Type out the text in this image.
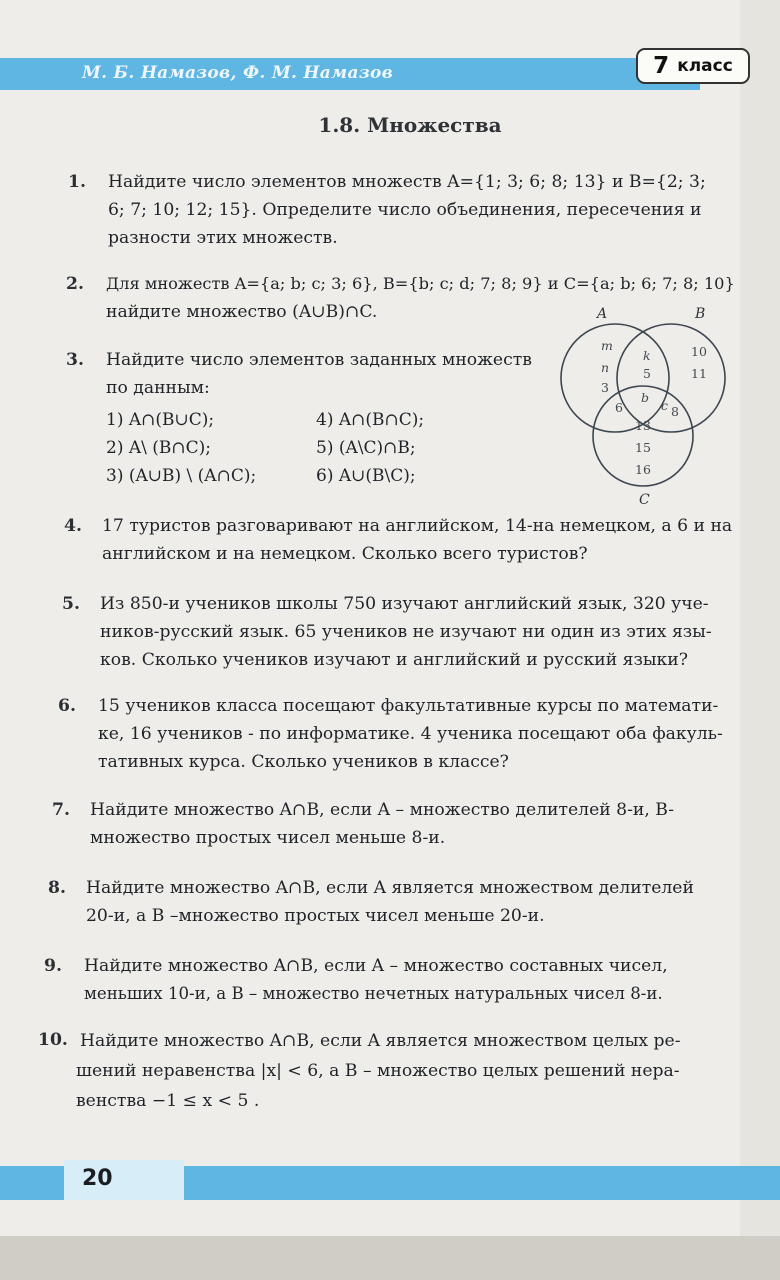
М. Б. Намазов, Ф. М. Намазов	7 класс
1.8. Множества
1. Найдите число элементов множеств A={1; 3; 6; 8; 13} и B={2; 3;
6; 7; 10; 12; 15}. Определите число объединения, пересечения и
разности этих множеств.
2. Для множеств A={a; b; c; 3; 6}, B={b; c; d; 7; 8; 9} и C={a; b; 6; 7; 8; 10}
найдите множество (A∪B)∩C.
3. Найдите число элементов заданных множеств
по данным:
1) A∩(B∪C);
2) A\ (B∩C);
3) (A∪B) \ (A∩C);
4) A∩(B∩C);
5) (A\C)∩B;
6) A∪(B\C);
A	B
C
m
n
3
k
5
10
11
6
b
c 8
13
15
16
4. 17 туристов разговаривают на английском, 14-на немецком, а 6 и на
английском и на немецком. Сколько всего туристов?
5. Из 850-и учеников школы 750 изучают английский язык, 320 уче-
ников-русский язык. 65 учеников не изучают ни один из этих язы-
ков. Сколько учеников изучают и английский и русский языки?
6. 15 учеников класса посещают факультативные курсы по математи-
ке, 16 учеников - по информатике. 4 ученика посещают оба факуль-
тативных курса. Сколько учеников в классе?
7. Найдите множество A∩B, если A – множество делителей 8-и, B-
множество простых чисел меньше 8-и.
8. Найдите множество A∩B, если A является множеством делителей
20-и, а B –множество простых чисел меньше 20-и.
9. Найдите множество A∩B, если A – множество составных чисел,
меньших 10-и, а B – множество нечетных натуральных чисел 8-и.
10. Найдите множество A∩B, если A является множеством целых ре-
шений неравенства |x| < 6, а B – множество целых решений нера-
венства −1 ≤ x < 5 .
20
